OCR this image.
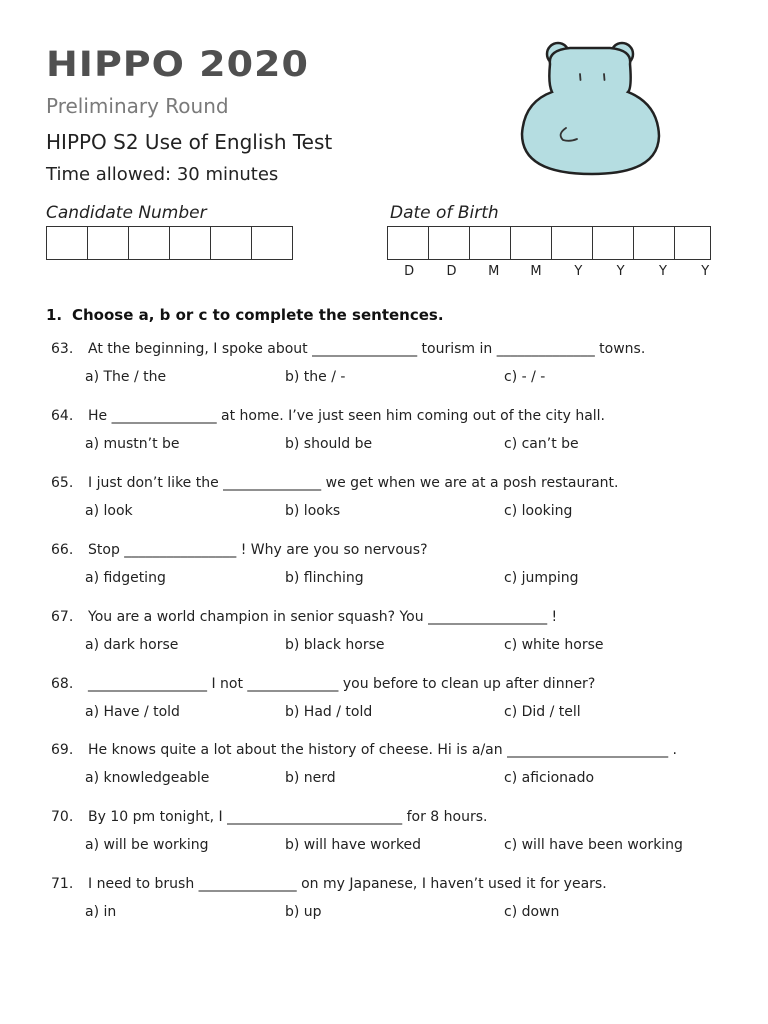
HIPPO 2020
Preliminary Round
HIPPO S2 Use of English Test
Time allowed: 30 minutes
Candidate Number	Date of Birth
D	D	M	M	Y	Y	Y	Y
1. Choose a, b or c to complete the sentences.
63. At the beginning, I spoke about _______________ tourism in ______________ towns.
a) The / the	b) the / -	c) - / -
64. He _______________ at home. I’ve just seen him coming out of the city hall.
a) mustn’t be	b) should be	c) can’t be
65. I just don’t like the ______________ we get when we are at a posh restaurant.
a) look	b) looks	c) looking
66. Stop ________________ ! Why are you so nervous?
a) fidgeting	b) flinching	c) jumping
67. You are a world champion in senior squash? You _________________ !
a) dark horse	b) black horse	c) white horse
68. _________________ I not _____________ you before to clean up after dinner?
a) Have / told	b) Had / told	c) Did / tell
69. He knows quite a lot about the history of cheese. Hi is a/an _______________________ .
a) knowledgeable	b) nerd	c) aficionado
70. By 10 pm tonight, I _________________________ for 8 hours.
a) will be working	b) will have worked	c) will have been working
71. I need to brush ______________ on my Japanese, I haven’t used it for years.
a) in	b) up	c) down
